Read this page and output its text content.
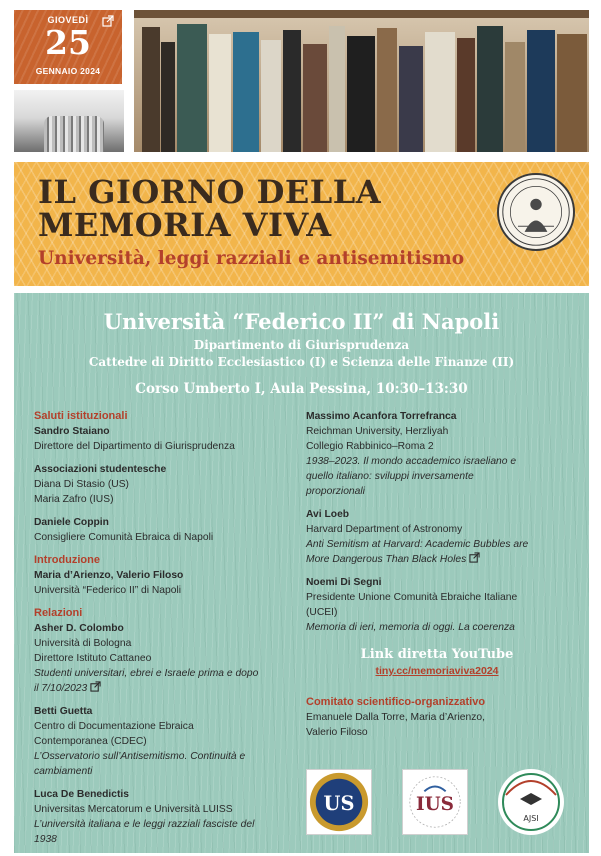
GIOVEDÌ
25
GENNAIO 2024
IL GIORNO DELLA
MEMORIA VIVA
Università, leggi razziali e antisemitismo
Università “Federico II” di Napoli
Dipartimento di Giurisprudenza
Cattedre di Diritto Ecclesiastico (I) e Scienza delle Finanze (II)
Corso Umberto I, Aula Pessina, 10:30–13:30
Saluti istituzionali
Sandro Staiano
Direttore del Dipartimento di Giurisprudenza
Associazioni studentesche
Diana Di Stasio (US)
Maria Zafro (IUS)
Daniele Coppin
Consigliere Comunità Ebraica di Napoli
Introduzione
Maria d’Arienzo, Valerio Filoso
Università “Federico II” di Napoli
Relazioni
Asher D. Colombo
Università di Bologna
Direttore Istituto Cattaneo
Studenti universitari, ebrei e Israele prima e dopo
il 7/10/2023
Betti Guetta
Centro di Documentazione Ebraica
Contemporanea (CDEC)
L’Osservatorio sull’Antisemitismo. Continuità e
cambiamenti
Luca De Benedictis
Universitas Mercatorum e Università LUISS
L’università italiana e le leggi razziali fasciste del
1938
Massimo Acanfora Torrefranca
Reichman University, Herzliyah
Collegio Rabbinico–Roma 2
1938–2023. Il mondo accademico israeliano e
quello italiano: sviluppi inversamente
proporzionali
Avi Loeb
Harvard Department of Astronomy
Anti Semitism at Harvard: Academic Bubbles are
More Dangerous Than Black Holes
Noemi Di Segni
Presidente Unione Comunità Ebraiche Italiane
(UCEI)
Memoria di ieri, memoria di oggi. La coerenza
Link diretta YouTube
tiny.cc/memoriaviva2024
Comitato scientifico-organizzativo
Emanuele Dalla Torre, Maria d’Arienzo,
Valerio Filoso
US	IUS
AJSI
